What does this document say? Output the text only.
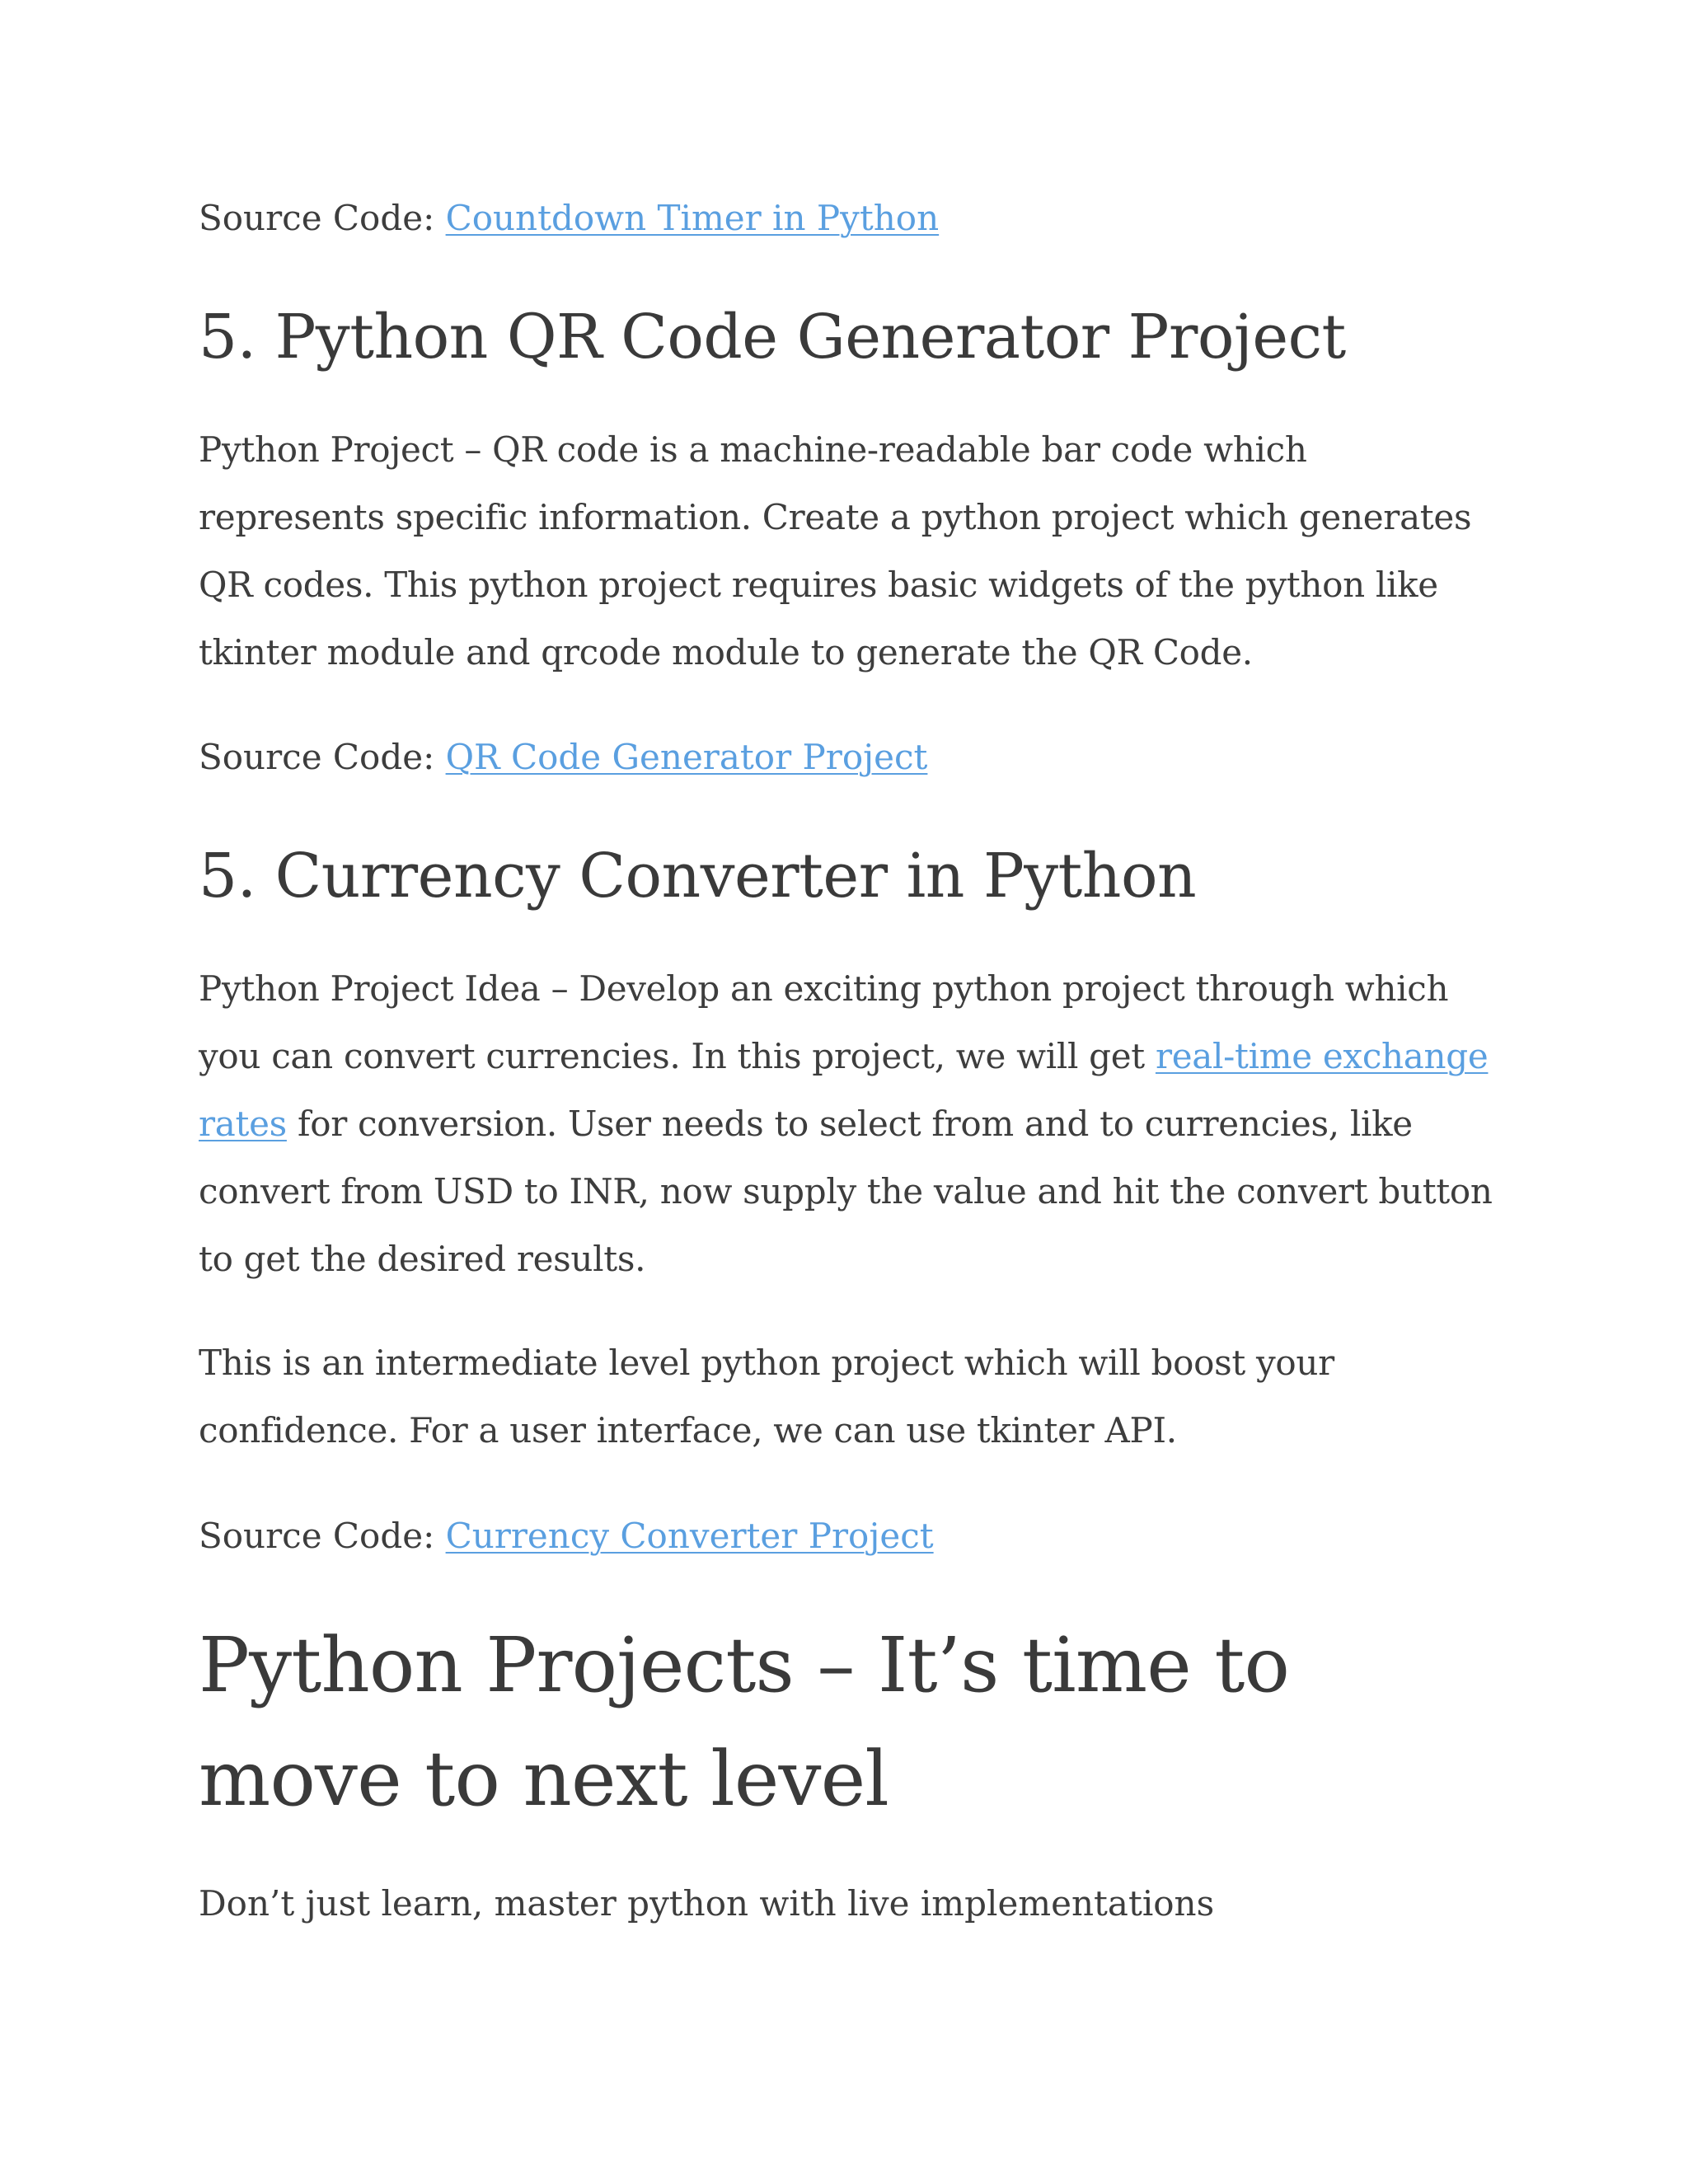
Source Code: Countdown Timer in Python

5. Python QR Code Generator Project

Python Project – QR code is a machine-readable bar code which represents specific information. Create a python project which generates QR codes. This python project requires basic widgets of the python like tkinter module and qrcode module to generate the QR Code.

Source Code: QR Code Generator Project

5. Currency Converter in Python

Python Project Idea – Develop an exciting python project through which you can convert currencies. In this project, we will get real-time exchange rates for conversion. User needs to select from and to currencies, like convert from USD to INR, now supply the value and hit the convert button to get the desired results.

This is an intermediate level python project which will boost your confidence. For a user interface, we can use tkinter API.

Source Code: Currency Converter Project

Python Projects – It’s time to move to next level

Don’t just learn, master python with live implementations
